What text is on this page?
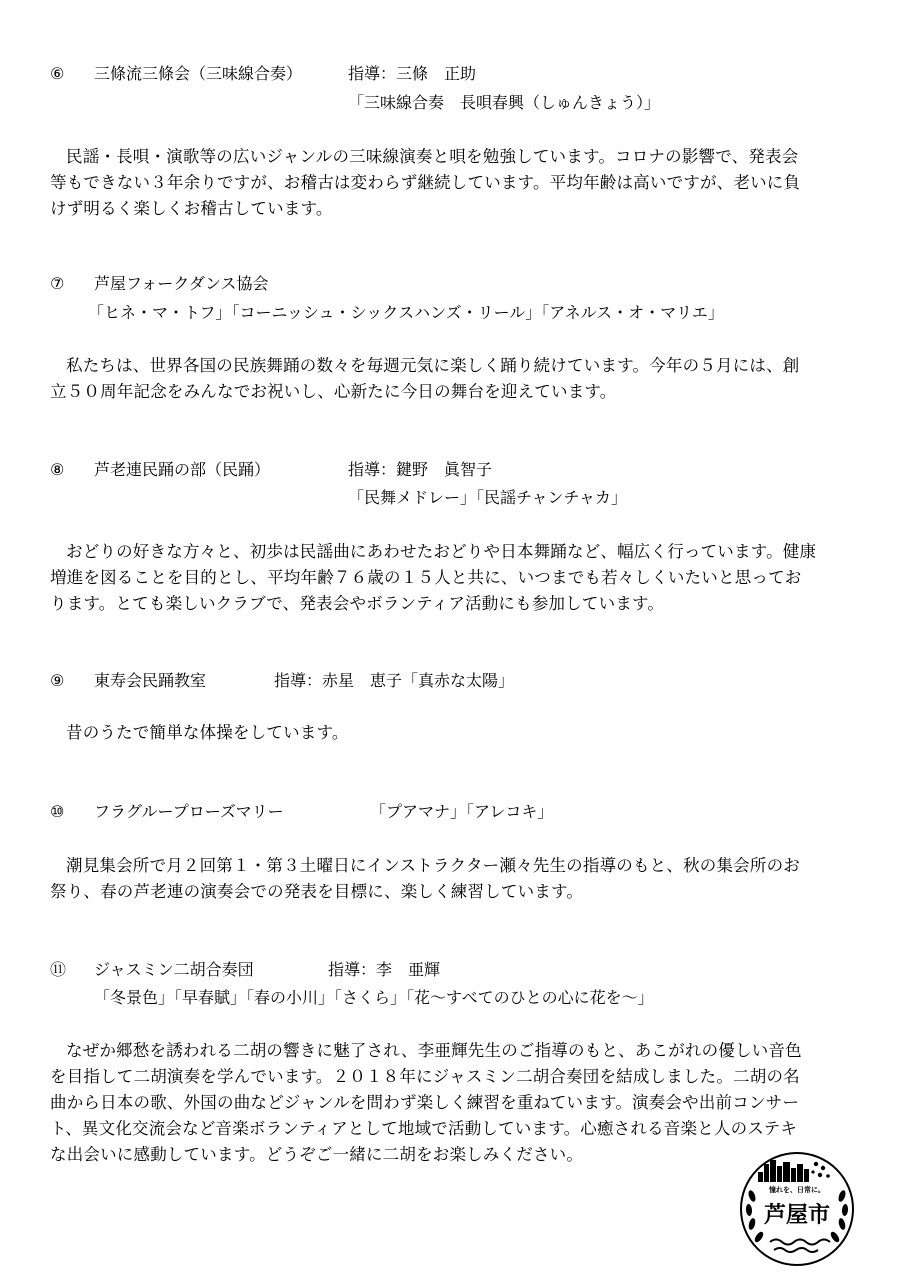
⑥ 三條流三條会（三味線合奏）	指導：三條　正助
「三味線合奏　長唄春興（しゅんきょう）」
民謡・長唄・演歌等の広いジャンルの三味線演奏と唄を勉強しています。コロナの影響で、発表会
等もできない３年余りですが、お稽古は変わらず継続しています。平均年齢は高いですが、老いに負
けず明るく楽しくお稽古しています。
⑦ 芦屋フォークダンス協会
「ヒネ・マ・トフ」「コーニッシュ・シックスハンズ・リール」「アネルス・オ・マリエ」
私たちは、世界各国の民族舞踊の数々を毎週元気に楽しく踊り続けています。今年の５月には、創
立５０周年記念をみんなでお祝いし、心新たに今日の舞台を迎えています。
⑧ 芦老連民踊の部（民踊）	指導：鍵野　眞智子
「民舞メドレー」「民謡チャンチャカ」
おどりの好きな方々と、初歩は民謡曲にあわせたおどりや日本舞踊など、幅広く行っています。健康
増進を図ることを目的とし、平均年齢７６歳の１５人と共に、いつまでも若々しくいたいと思ってお
ります。とても楽しいクラブで、発表会やボランティア活動にも参加しています。
⑨ 東寿会民踊教室	指導：赤星　恵子「真赤な太陽」
昔のうたで簡単な体操をしています。
⑩ フラグループローズマリー	「プアマナ」「アレコキ」
潮見集会所で月２回第１・第３土曜日にインストラクター瀬々先生の指導のもと、秋の集会所のお
祭り、春の芦老連の演奏会での発表を目標に、楽しく練習しています。
⑪ ジャスミン二胡合奏団	指導：李　亜輝
「冬景色」「早春賦」「春の小川」「さくら」「花～すべてのひとの心に花を～」
なぜか郷愁を誘われる二胡の響きに魅了され、李亜輝先生のご指導のもと、あこがれの優しい音色
を目指して二胡演奏を学んでいます。２０１８年にジャスミン二胡合奏団を結成しました。二胡の名
曲から日本の歌、外国の曲などジャンルを問わず楽しく練習を重ねています。演奏会や出前コンサー
ト、異文化交流会など音楽ボランティアとして地域で活動しています。心癒される音楽と人のステキ
な出会いに感動しています。どうぞご一緒に二胡をお楽しみください。
憧れを、日常に。
芦屋市
